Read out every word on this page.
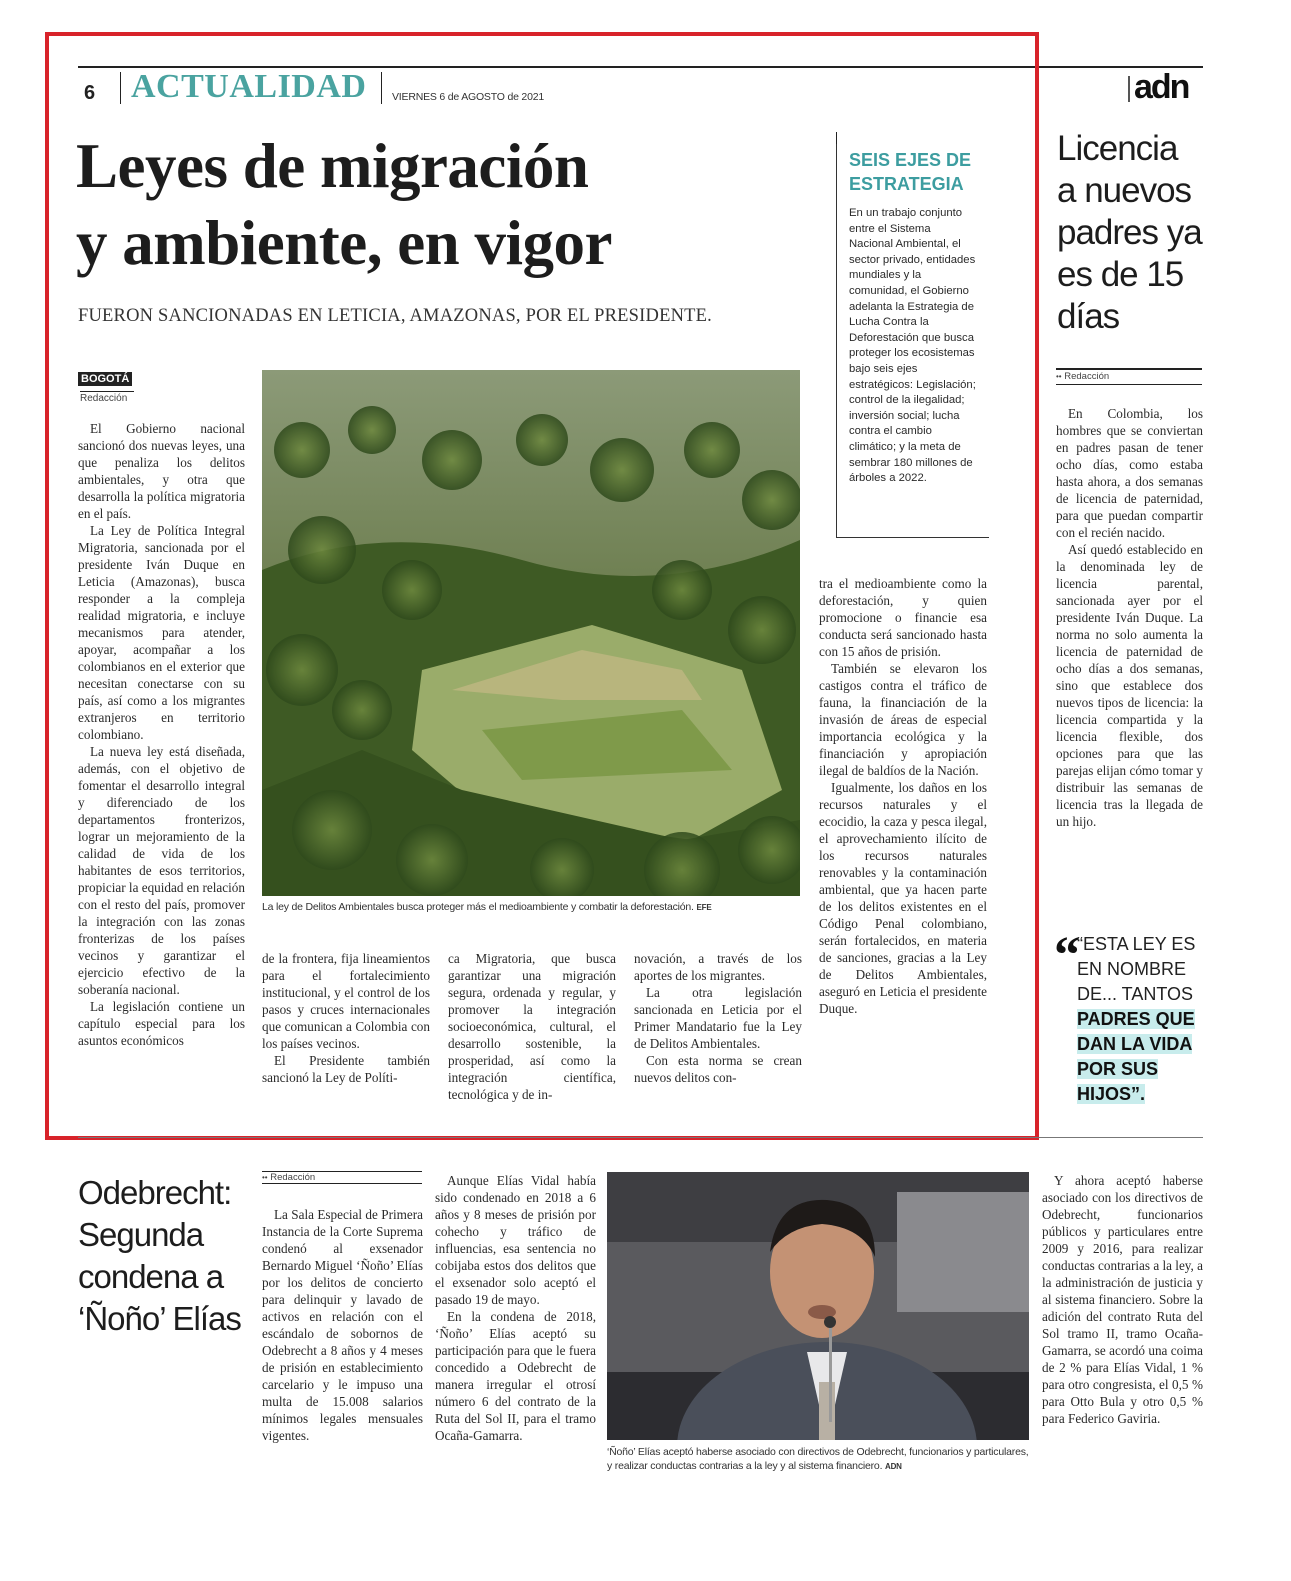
6 ACTUALIDAD VIERNES 6 de AGOSTO de 2021	adn
Leyes de migración
y ambiente, en vigor
FUERON SANCIONADAS EN LETICIA, AMAZONAS, POR EL PRESIDENTE.
BOGOTÁ
Redacción
La ley de Delitos Ambientales busca proteger más el medioambiente y combatir la deforestación. EFE

El Gobierno nacional sancionó dos nuevas leyes, una que penaliza los delitos ambientales, y otra que desarrolla la política migratoria en el país.

La Ley de Política Integral Migratoria, sancionada por el presidente Iván Duque en Leticia (Amazonas), busca responder a la compleja realidad migratoria, e incluye mecanismos para atender, apoyar, acompañar a los colombianos en el exterior que necesitan conectarse con su país, así como a los migrantes extranjeros en territorio colombiano.

La nueva ley está diseñada, además, con el objetivo de fomentar el desarrollo integral y diferenciado de los departamentos fronterizos, lograr un mejoramiento de la calidad de vida de los habitantes de esos territorios, propiciar la equidad en relación con el resto del país, promover la integración con las zonas fronterizas de los países vecinos y garantizar el ejercicio efectivo de la soberanía nacional.

La legislación contiene un capítulo especial para los asuntos económicos

de la frontera, fija lineamientos para el fortalecimiento institucional, y el control de los pasos y cruces internacionales que comunican a Colombia con los países vecinos.

El Presidente también sancionó la Ley de Políti-

ca Migratoria, que busca garantizar una migración segura, ordenada y regular, y promover la integración socioeconómica, cultural, el desarrollo sostenible, la prosperidad, así como la integración científica, tecnológica y de in-

novación, a través de los aportes de los migrantes.

La otra legislación sancionada en Leticia por el Primer Mandatario fue la Ley de Delitos Ambientales.

Con esta norma se crean nuevos delitos con-

tra el medioambiente como la deforestación, y quien promocione o financie esa conducta será sancionado hasta con 15 años de prisión.

También se elevaron los castigos contra el tráfico de fauna, la financiación de la invasión de áreas de especial importancia ecológica y la financiación y apropiación ilegal de baldíos de la Nación.

Igualmente, los daños en los recursos naturales y el ecocidio, la caza y pesca ilegal, el aprovechamiento ilícito de los recursos naturales renovables y la contaminación ambiental, que ya hacen parte de los delitos existentes en el Código Penal colombiano, serán fortalecidos, en materia de sanciones, gracias a la Ley de Delitos Ambientales, aseguró en Leticia el presidente Duque.

SEIS EJES DE ESTRATEGIA
En un trabajo conjunto entre el Sistema Nacional Ambiental, el sector privado, entidades mundiales y la comunidad, el Gobierno adelanta la Estrategia de Lucha Contra la Deforestación que busca proteger los ecosistemas bajo seis ejes estratégicos: Legislación; control de la ilegalidad; inversión social; lucha contra el cambio climático; y la meta de sembrar 180 millones de árboles a 2022.
Licencia a nuevos padres ya es de 15 días
•• Redacción

En Colombia, los hombres que se conviertan en padres pasan de tener ocho días, como estaba hasta ahora, a dos semanas de licencia de paternidad, para que puedan compartir con el recién nacido.

Así quedó establecido en la denominada ley de licencia parental, sancionada ayer por el presidente Iván Duque. La norma no solo aumenta la licencia de paternidad de ocho días a dos semanas, sino que establece dos nuevos tipos de licencia: la licencia compartida y la licencia flexible, dos opciones para que las parejas elijan cómo tomar y distribuir las semanas de licencia tras la llegada de un hijo.

“
“ESTA LEY ES EN NOMBRE DE... TANTOS PADRES QUE DAN LA VIDA POR SUS HIJOS”.
Odebrecht: Segunda condena a ‘Ñoño’ Elías
•• Redacción

La Sala Especial de Primera Instancia de la Corte Suprema condenó al exsenador Bernardo Miguel ‘Ñoño’ Elías por los delitos de concierto para delinquir y lavado de activos en relación con el escándalo de sobornos de Odebrecht a 8 años y 4 meses de prisión en establecimiento carcelario y le impuso una multa de 15.008 salarios mínimos legales mensuales vigentes.

Aunque Elías Vidal había sido condenado en 2018 a 6 años y 8 meses de prisión por cohecho y tráfico de influencias, esa sentencia no cobijaba estos dos delitos que el exsenador solo aceptó el pasado 19 de mayo.

En la condena de 2018, ‘Ñoño’ Elías aceptó su participación para que le fuera concedido a Odebrecht de manera irregular el otrosí número 6 del contrato de la Ruta del Sol II, para el tramo Ocaña-Gamarra.

‘Ñoño’ Elías aceptó haberse asociado con directivos de Odebrecht, funcionarios y particulares, y realizar conductas contrarias a la ley y al sistema financiero. ADN

Y ahora aceptó haberse asociado con los directivos de Odebrecht, funcionarios públicos y particulares entre 2009 y 2016, para realizar conductas contrarias a la ley, a la administración de justicia y al sistema financiero. Sobre la adición del contrato Ruta del Sol tramo II, tramo Ocaña-Gamarra, se acordó una coima de 2 % para Elías Vidal, 1 % para otro congresista, el 0,5 % para Otto Bula y otro 0,5 % para Federico Gaviria.
